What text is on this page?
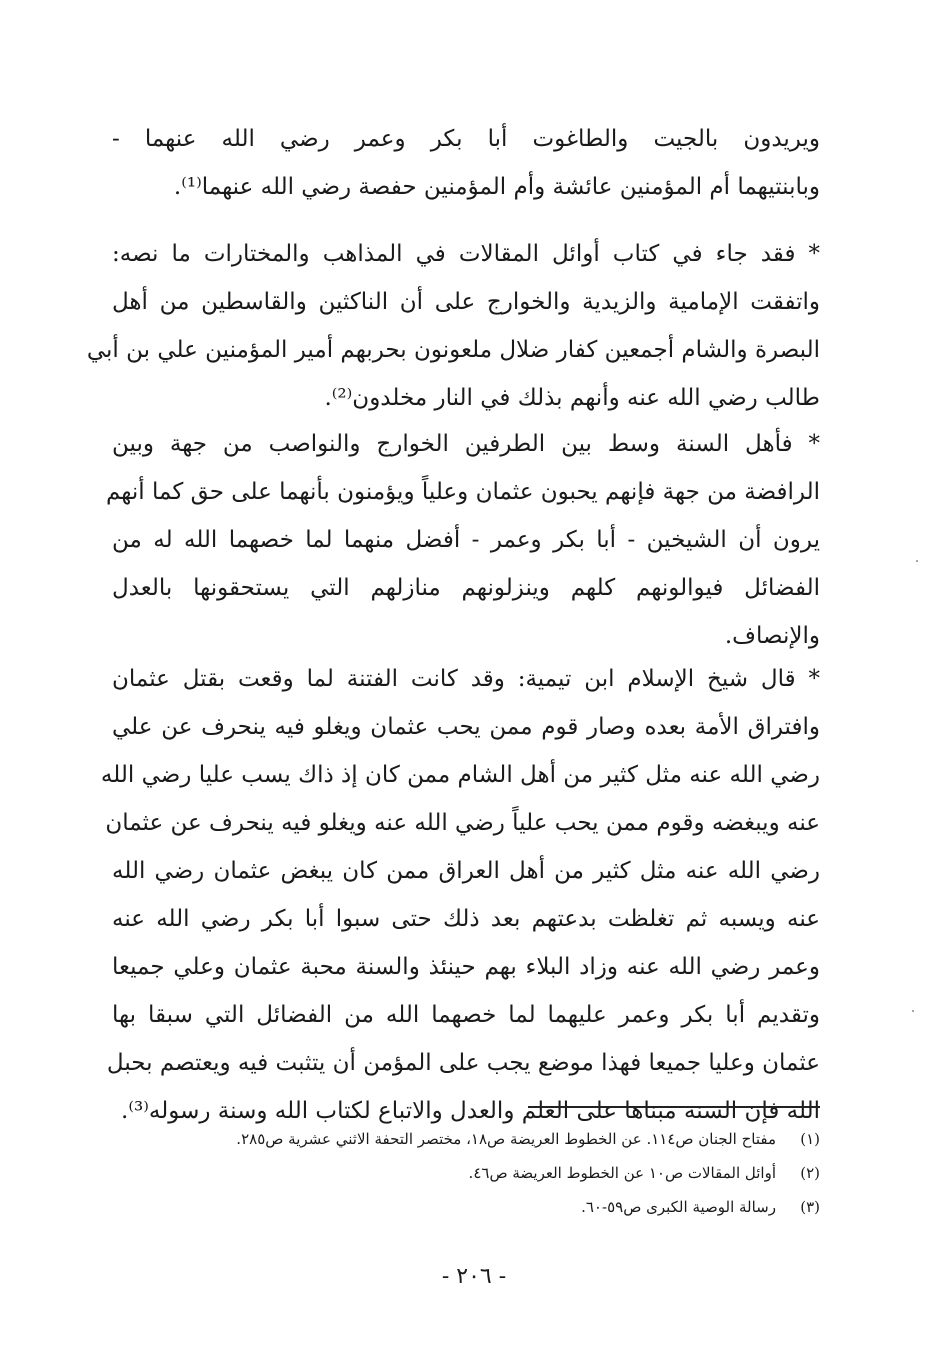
ويريدون بالجيت والطاغوت أبا بكر وعمر رضي الله عنهما -
وبابنتيهما أم المؤمنين عائشة وأم المؤمنين حفصة رضي الله عنهما⁽¹⁾.

* فقد جاء في كتاب أوائل المقالات في المذاهب والمختارات ما نصه:
واتفقت الإمامية والزيدية والخوارج على أن الناكثين والقاسطين من أهل
البصرة والشام أجمعين كفار ضلال ملعونون بحربهم أمير المؤمنين علي بن أبي
طالب رضي الله عنه وأنهم بذلك في النار مخلدون⁽²⁾.

* فأهل السنة وسط بين الطرفين الخوارج والنواصب من جهة وبين
الرافضة من جهة فإنهم يحبون عثمان وعلياً ويؤمنون بأنهما على حق كما أنهم
يرون أن الشيخين - أبا بكر وعمر - أفضل منهما لما خصهما الله له من
الفضائل فيوالونهم كلهم وينزلونهم منازلهم التي يستحقونها بالعدل
والإنصاف.

* قال شيخ الإسلام ابن تيمية: وقد كانت الفتنة لما وقعت بقتل عثمان
وافتراق الأمة بعده وصار قوم ممن يحب عثمان ويغلو فيه ينحرف عن علي
رضي الله عنه مثل كثير من أهل الشام ممن كان إذ ذاك يسب عليا رضي الله
عنه ويبغضه وقوم ممن يحب علياً رضي الله عنه ويغلو فيه ينحرف عن عثمان
رضي الله عنه مثل كثير من أهل العراق ممن كان يبغض عثمان رضي الله
عنه ويسبه ثم تغلظت بدعتهم بعد ذلك حتى سبوا أبا بكر رضي الله عنه
وعمر رضي الله عنه وزاد البلاء بهم حينئذ والسنة محبة عثمان وعلي جميعا
وتقديم أبا بكر وعمر عليهما لما خصهما الله من الفضائل التي سبقا بها
عثمان وعليا جميعا فهذا موضع يجب على المؤمن أن يتثبت فيه ويعتصم بحبل
الله فإن السنة مبناها على العلم والعدل والاتباع لكتاب الله وسنة رسوله⁽³⁾.

(١)
مفتاح الجنان ص١١٤. عن الخطوط العريضة ص١٨، مختصر التحفة الاثني عشرية ص٢٨٥.
(٢)
أوائل المقالات ص١٠ عن الخطوط العريضة ص٤٦.
(٣)
رسالة الوصية الكبرى ص٥٩-٦٠.
- ٢٠٦ -
